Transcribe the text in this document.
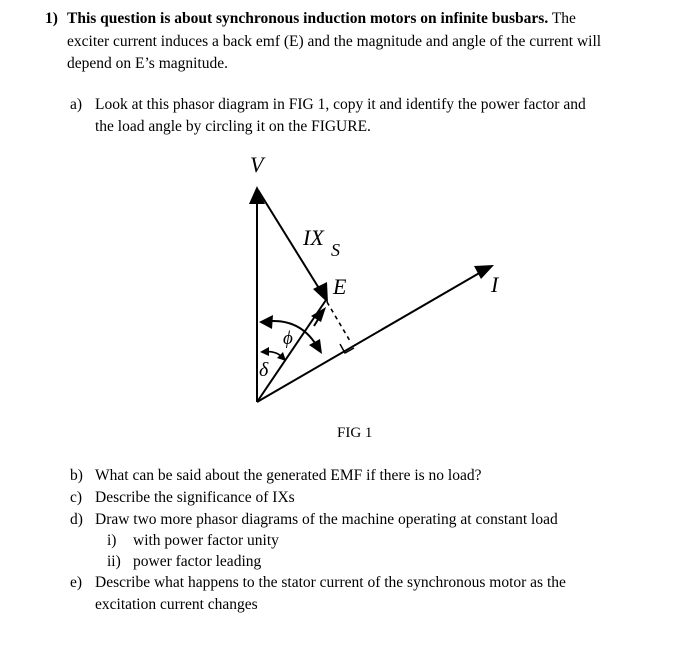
1) This question is about synchronous induction motors on infinite busbars. The
exciter current induces a back emf (E) and the magnitude and angle of the current will
depend on E’s magnitude.
a) Look at this phasor diagram in FIG 1, copy it and identify the power factor and
the load angle by circling it on the FIGURE.
V
IX S
E	I
ϕ
δ
FIG 1
b) What can be said about the generated EMF if there is no load?
c) Describe the significance of IXs
d) Draw two more phasor diagrams of the machine operating at constant load
i) with power factor unity
ii) power factor leading
e) Describe what happens to the stator current of the synchronous motor as the
excitation current changes
